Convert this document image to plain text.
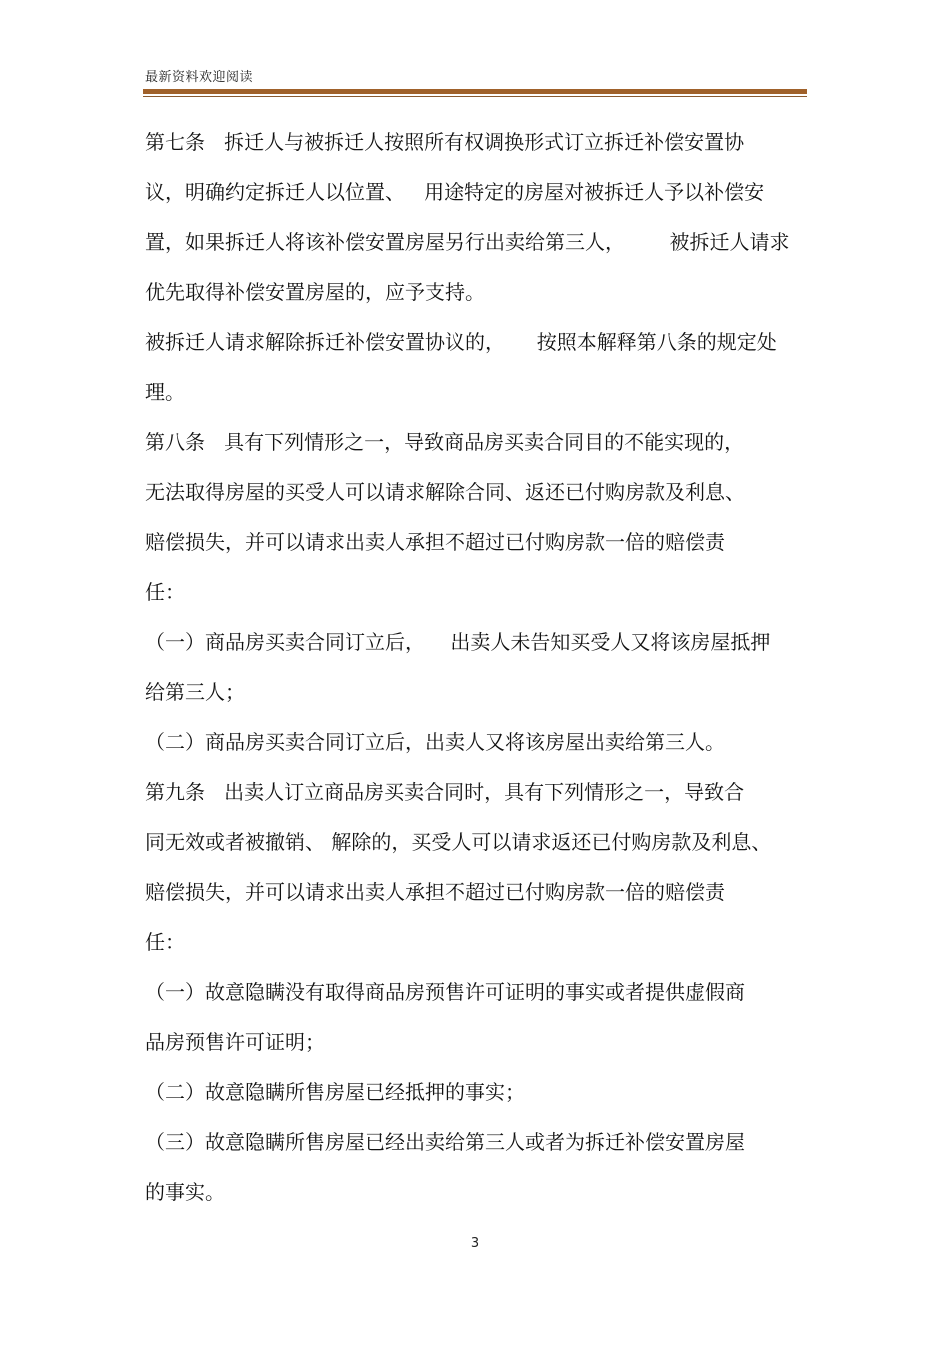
最新资料欢迎阅读
第七条   拆迁人与被拆迁人按照所有权调换形式订立拆迁补偿安置协
议，明确约定拆迁人以位置、   用途特定的房屋对被拆迁人予以补偿安
置，如果拆迁人将该补偿安置房屋另行出卖给第三人，       被拆迁人请求
优先取得补偿安置房屋的，应予支持。
被拆迁人请求解除拆迁补偿安置协议的，     按照本解释第八条的规定处
理。
第八条   具有下列情形之一，导致商品房买卖合同目的不能实现的，
无法取得房屋的买受人可以请求解除合同、返还已付购房款及利息、
赔偿损失，并可以请求出卖人承担不超过已付购房款一倍的赔偿责
任：
（一）商品房买卖合同订立后，    出卖人未告知买受人又将该房屋抵押
给第三人；
（二）商品房买卖合同订立后，出卖人又将该房屋出卖给第三人。
第九条   出卖人订立商品房买卖合同时，具有下列情形之一，导致合
同无效或者被撤销、 解除的，买受人可以请求返还已付购房款及利息、
赔偿损失，并可以请求出卖人承担不超过已付购房款一倍的赔偿责
任：
（一）故意隐瞒没有取得商品房预售许可证明的事实或者提供虚假商
品房预售许可证明；
（二）故意隐瞒所售房屋已经抵押的事实；
（三）故意隐瞒所售房屋已经出卖给第三人或者为拆迁补偿安置房屋
的事实。
3
